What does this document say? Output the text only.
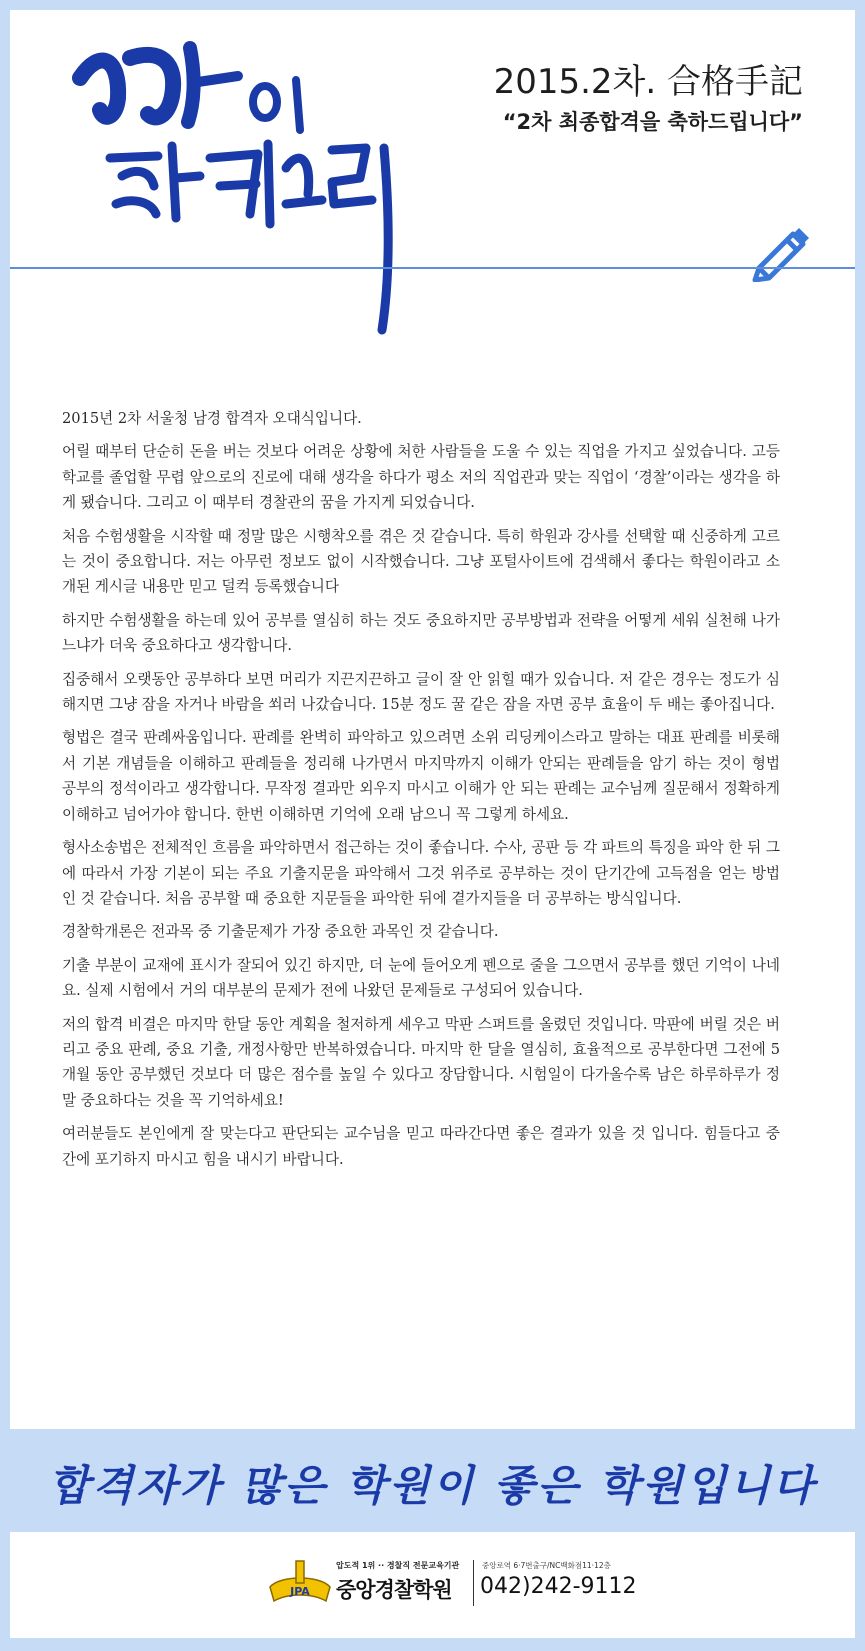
2015.2차. 合格手記
“2차 최종합격을 축하드립니다”

2015년 2차 서울청 남경 합격자 오대식입니다.

어릴 때부터 단순히 돈을 버는 것보다 어려운 상황에 처한 사람들을 도울 수 있는 직업을 가지고 싶었습니다. 고등학교를 졸업할 무렵 앞으로의 진로에 대해 생각을 하다가 평소 저의 직업관과 맞는 직업이 ‘경찰’이라는 생각을 하게 됐습니다. 그리고 이 때부터 경찰관의 꿈을 가지게 되었습니다.

처음 수험생활을 시작할 때 정말 많은 시행착오를 겪은 것 같습니다. 특히 학원과 강사를 선택할 때 신중하게 고르는 것이 중요합니다. 저는 아무런 정보도 없이 시작했습니다. 그냥 포털사이트에 검색해서 좋다는 학원이라고 소개된 게시글 내용만 믿고 덜컥 등록했습니다

하지만 수험생활을 하는데 있어 공부를 열심히 하는 것도 중요하지만 공부방법과 전략을 어떻게 세워 실천해 나가느냐가 더욱 중요하다고 생각합니다.

집중해서 오랫동안 공부하다 보면 머리가 지끈지끈하고 글이 잘 안 읽힐 때가 있습니다. 저 같은 경우는 정도가 심해지면 그냥 잠을 자거나 바람을 쐬러 나갔습니다. 15분 정도 꿀 같은 잠을 자면 공부 효율이 두 배는 좋아집니다.

형법은 결국 판례싸움입니다. 판례를 완벽히 파악하고 있으려면 소위 리딩케이스라고 말하는 대표 판례를 비롯해서 기본 개념들을 이해하고 판례들을 정리해 나가면서 마지막까지 이해가 안되는 판례들을 암기 하는 것이 형법 공부의 정석이라고 생각합니다. 무작정 결과만 외우지 마시고 이해가 안 되는 판례는 교수님께 질문해서 정확하게 이해하고 넘어가야 합니다. 한번 이해하면 기억에 오래 남으니 꼭 그렇게 하세요.

형사소송법은 전체적인 흐름을 파악하면서 접근하는 것이 좋습니다. 수사, 공판 등 각 파트의 특징을 파악 한 뒤 그에 따라서 가장 기본이 되는 주요 기출지문을 파악해서 그것 위주로 공부하는 것이 단기간에 고득점을 얻는 방법인 것 같습니다. 처음 공부할 때 중요한 지문들을 파악한 뒤에 곁가지들을 더 공부하는 방식입니다.

경찰학개론은 전과목 중 기출문제가 가장 중요한 과목인 것 같습니다.

기출 부분이 교재에 표시가 잘되어 있긴 하지만, 더 눈에 들어오게 펜으로 줄을 그으면서 공부를 했던 기억이 나네요. 실제 시험에서 거의 대부분의 문제가 전에 나왔던 문제들로 구성되어 있습니다.

저의 합격 비결은 마지막 한달 동안 계획을 철저하게 세우고 막판 스퍼트를 올렸던 것입니다. 막판에 버릴 것은 버리고 중요 판례, 중요 기출, 개정사항만 반복하였습니다. 마지막 한 달을 열심히, 효율적으로 공부한다면 그전에 5개월 동안 공부했던 것보다 더 많은 점수를 높일 수 있다고 장담합니다. 시험일이 다가올수록 남은 하루하루가 정말 중요하다는 것을 꼭 기억하세요!

여러분들도 본인에게 잘 맞는다고 판단되는 교수님을 믿고 따라간다면 좋은 결과가 있을 것 입니다. 힘들다고 중간에 포기하지 마시고 힘을 내시기 바랍니다.

합격자가 많은 학원이 좋은 학원입니다
JPA
압도적 1위 ·· 경찰직 전문교육기관
중앙경찰학원
중앙로역 6·7번출구/NC백화점11·12층
042)242-9112
